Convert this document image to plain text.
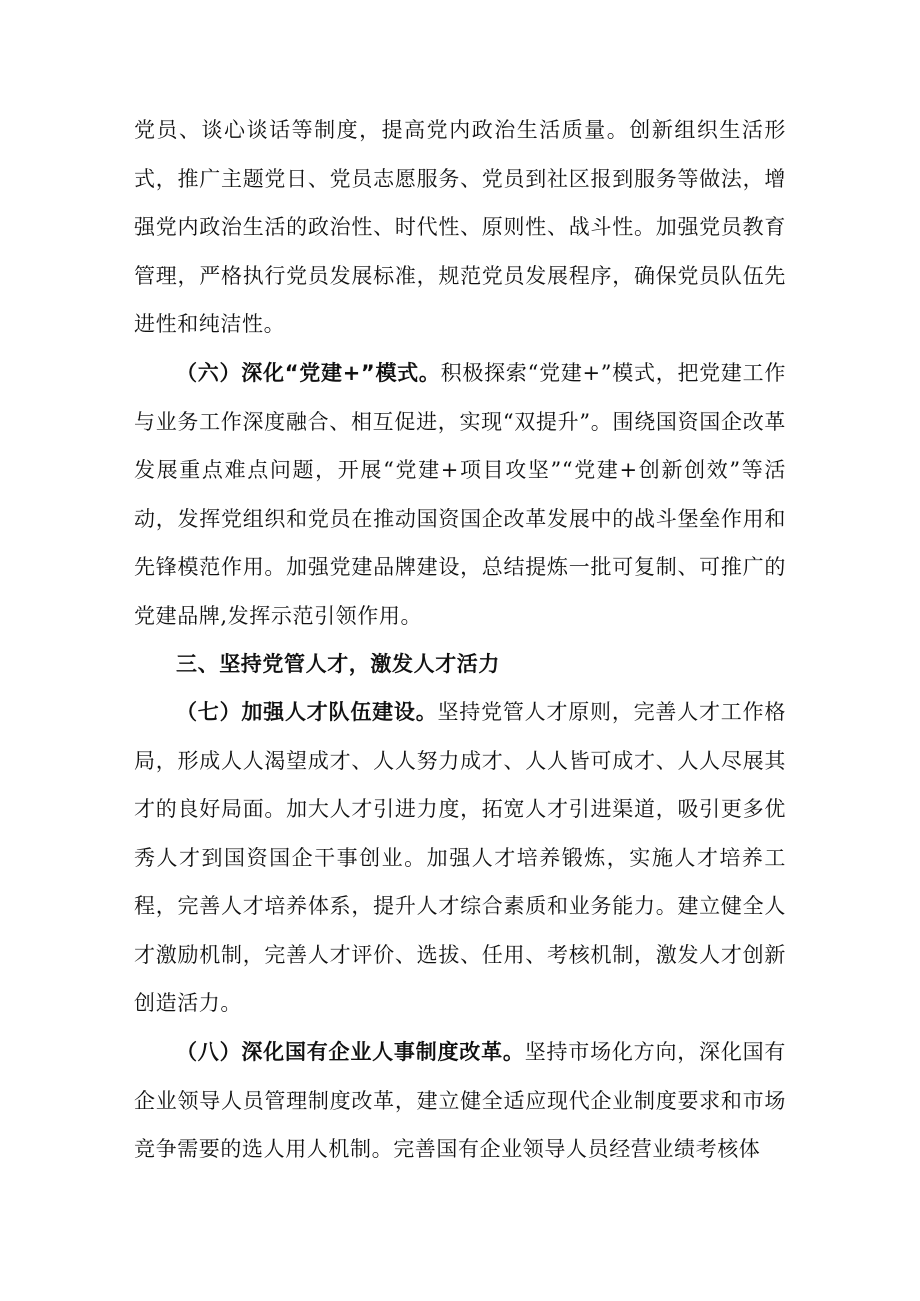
党员、谈心谈话等制度，提高党内政治生活质量。创新组织生活形式，推广主题党日、党员志愿服务、党员到社区报到服务等做法，增强党内政治生活的政治性、时代性、原则性、战斗性。加强党员教育管理，严格执行党员发展标准，规范党员发展程序，确保党员队伍先进性和纯洁性。

（六）深化“党建+”模式。积极探索“党建+”模式，把党建工作与业务工作深度融合、相互促进，实现“双提升”。围绕国资国企改革发展重点难点问题，开展“党建+项目攻坚”“党建+创新创效”等活动，发挥党组织和党员在推动国资国企改革发展中的战斗堡垒作用和先锋模范作用。加强党建品牌建设，总结提炼一批可复制、可推广的党建品牌,发挥示范引领作用。

三、坚持党管人才，激发人才活力

（七）加强人才队伍建设。坚持党管人才原则，完善人才工作格局，形成人人渴望成才、人人努力成才、人人皆可成才、人人尽展其才的良好局面。加大人才引进力度，拓宽人才引进渠道，吸引更多优秀人才到国资国企干事创业。加强人才培养锻炼，实施人才培养工程，完善人才培养体系，提升人才综合素质和业务能力。建立健全人才激励机制，完善人才评价、选拔、任用、考核机制，激发人才创新创造活力。

（八）深化国有企业人事制度改革。坚持市场化方向，深化国有企业领导人员管理制度改革，建立健全适应现代企业制度要求和市场竞争需要的选人用人机制。完善国有企业领导人员经营业绩考核体
